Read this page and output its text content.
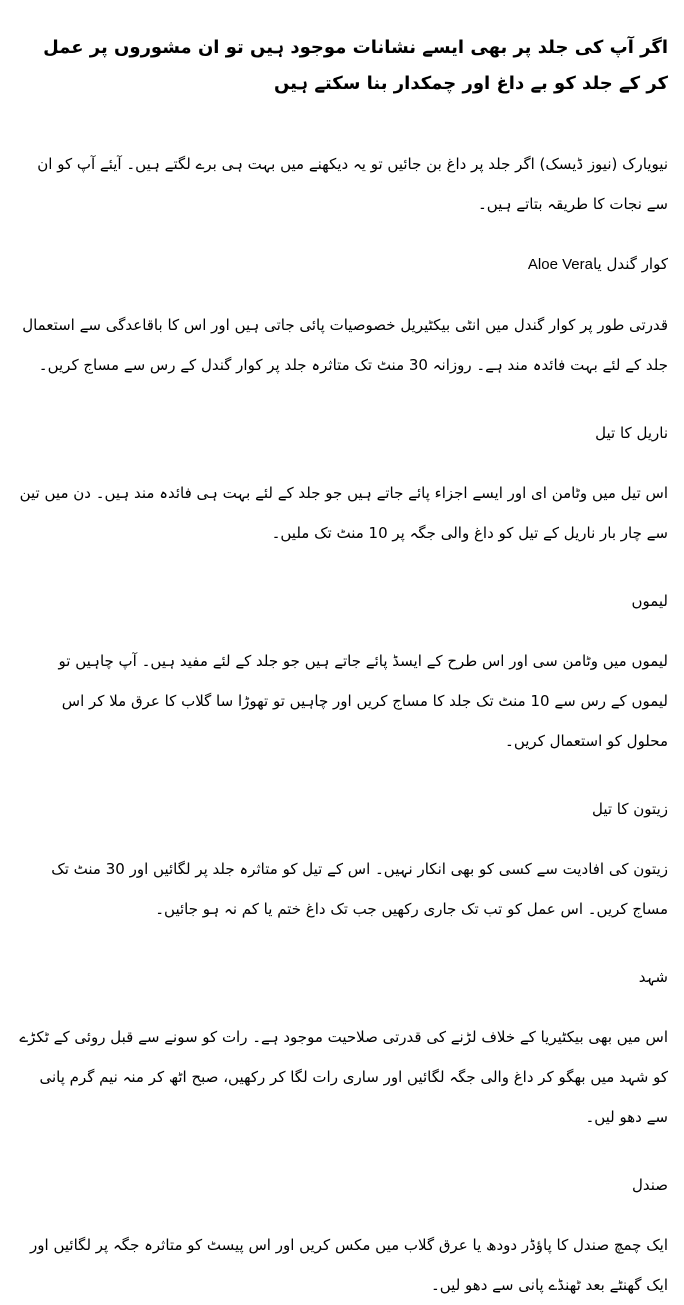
اگر آپ کی جلد پر بھی ایسے نشانات موجود ہیں تو ان مشوروں پر عمل کر کے جلد کو بے داغ اور چمکدار بنا سکتے ہیں

نیویارک (نیوز ڈیسک) اگر جلد پر داغ بن جائیں تو یہ دیکھنے میں بہت ہی برے لگتے ہیں۔ آیئے آپ کو ان سے نجات کا طریقہ بتاتے ہیں۔

کوار گندل یاAloe Vera

قدرتی طور پر کوار گندل میں انٹی بیکٹیریل خصوصیات پائی جاتی ہیں اور اس کا باقاعدگی سے استعمال جلد کے لئے بہت فائدہ مند ہے۔ روزانہ 30 منٹ تک متاثرہ جلد پر کوار گندل کے رس سے مساج کریں۔

ناریل کا تیل

اس تیل میں وٹامن ای اور ایسے اجزاء پائے جاتے ہیں جو جلد کے لئے بہت ہی فائدہ مند ہیں۔ دن میں تین سے چار بار ناریل کے تیل کو داغ والی جگہ پر 10 منٹ تک ملیں۔

لیموں

لیموں میں وٹامن سی اور اس طرح کے ایسڈ پائے جاتے ہیں جو جلد کے لئے مفید ہیں۔ آپ چاہیں تو لیموں کے رس سے 10 منٹ تک جلد کا مساج کریں اور چاہیں تو تھوڑا سا گلاب کا عرق ملا کر اس محلول کو استعمال کریں۔

زیتون کا تیل

زیتون کی افادیت سے کسی کو بھی انکار نہیں۔ اس کے تیل کو متاثرہ جلد پر لگائیں اور 30 منٹ تک مساج کریں۔ اس عمل کو تب تک جاری رکھیں جب تک داغ ختم یا کم نہ ہو جائیں۔

شہد

اس میں بھی بیکٹیریا کے خلاف لڑنے کی قدرتی صلاحیت موجود ہے۔ رات کو سونے سے قبل روئی کے ٹکڑے کو شہد میں بھگو کر داغ والی جگہ لگائیں اور ساری رات لگا کر رکھیں، صبح اٹھ کر منہ نیم گرم پانی سے دھو لیں۔

صندل

ایک چمچ صندل کا پاؤڈر دودھ یا عرق گلاب میں مکس کریں اور اس پیسٹ کو متاثرہ جگہ پر لگائیں اور ایک گھنٹے بعد ٹھنڈے پانی سے دھو لیں۔
